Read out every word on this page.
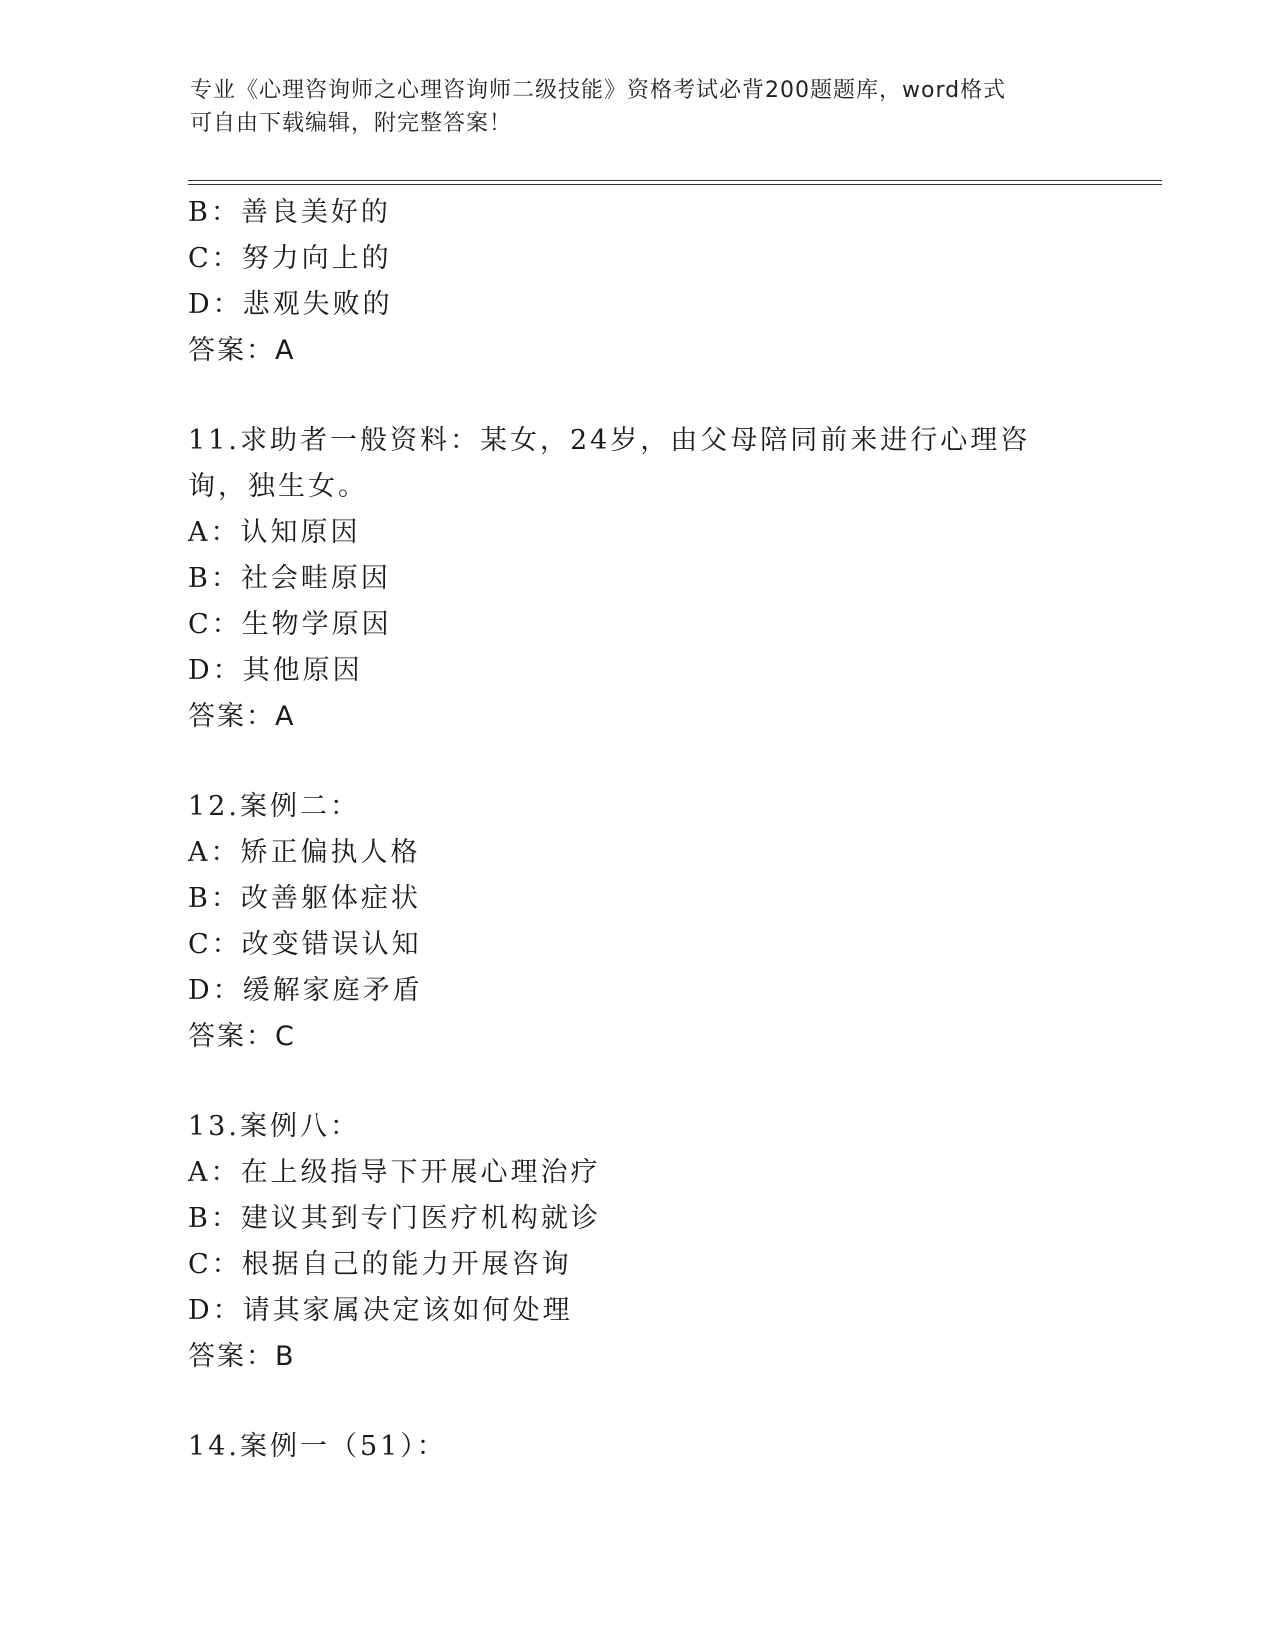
专业《心理咨询师之心理咨询师二级技能》资格考试必背200题题库，word格式
可自由下载编辑，附完整答案！
B：善良美好的
C：努力向上的
D：悲观失败的
答案：A
11.求助者一般资料：某女，24岁，由父母陪同前来进行心理咨询，独生女。
A：认知原因
B：社会畦原因
C：生物学原因
D：其他原因
答案：A
12.案例二：
A：矫正偏执人格
B：改善躯体症状
C：改变错误认知
D：缓解家庭矛盾
答案：C
13.案例八：
A：在上级指导下开展心理治疗
B：建议其到专门医疗机构就诊
C：根据自己的能力开展咨询
D：请其家属决定该如何处理
答案：B
14.案例一（51）：
